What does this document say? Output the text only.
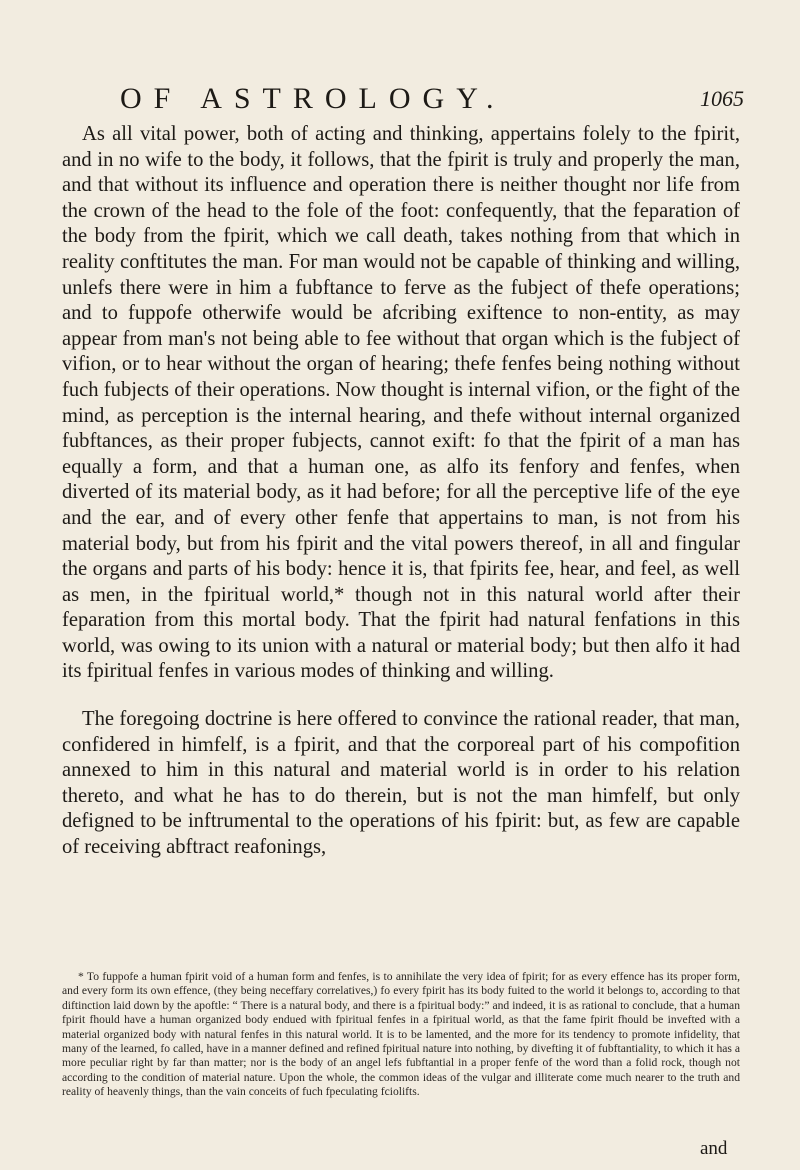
OF ASTROLOGY.	1065

As all vital power, both of acting and thinking, appertains folely to the fpirit, and in no wife to the body, it follows, that the fpirit is truly and properly the man, and that without its influence and operation there is neither thought nor life from the crown of the head to the fole of the foot: confequently, that the feparation of the body from the fpirit, which we call death, takes nothing from that which in reality conftitutes the man. For man would not be capable of thinking and willing, unlefs there were in him a fubftance to ferve as the fubject of thefe operations; and to fuppofe otherwife would be afcribing exiftence to non-entity, as may appear from man's not being able to fee without that organ which is the fubject of vifion, or to hear without the organ of hearing; thefe fenfes being nothing without fuch fubjects of their operations. Now thought is internal vifion, or the fight of the mind, as perception is the internal hearing, and thefe without internal organized fubftances, as their proper fubjects, cannot exift: fo that the fpirit of a man has equally a form, and that a human one, as alfo its fenfory and fenfes, when diverted of its material body, as it had before; for all the perceptive life of the eye and the ear, and of every other fenfe that appertains to man, is not from his material body, but from his fpirit and the vital powers thereof, in all and fingular the organs and parts of his body: hence it is, that fpirits fee, hear, and feel, as well as men, in the fpiritual world,* though not in this natural world after their feparation from this mortal body. That the fpirit had natural fenfations in this world, was owing to its union with a natural or material body; but then alfo it had its fpiritual fenfes in various modes of thinking and willing.

The foregoing doctrine is here offered to convince the rational reader, that man, confidered in himfelf, is a fpirit, and that the corporeal part of his compofition annexed to him in this natural and material world is in order to his relation thereto, and what he has to do therein, but is not the man himfelf, but only defigned to be inftrumental to the operations of his fpirit: but, as few are capable of receiving abftract reafonings,

* To fuppofe a human fpirit void of a human form and fenfes, is to annihilate the very idea of fpirit; for as every effence has its proper form, and every form its own effence, (they being neceffary correlatives,) fo every fpirit has its body fuited to the world it belongs to, according to that diftinction laid down by the apoftle: “ There is a natural body, and there is a fpiritual body:” and indeed, it is as rational to conclude, that a human fpirit fhould have a human organized body endued with fpiritual fenfes in a fpiritual world, as that the fame fpirit fhould be invefted with a material organized body with natural fenfes in this natural world. It is to be lamented, and the more for its tendency to promote infidelity, that many of the learned, fo called, have in a manner defined and refined fpiritual nature into nothing, by divefting it of fubftantiality, to which it has a more peculiar right by far than matter; nor is the body of an angel lefs fubftantial in a proper fenfe of the word than a folid rock, though not according to the condition of material nature. Upon the whole, the common ideas of the vulgar and illiterate come much nearer to the truth and reality of heavenly things, than the vain conceits of fuch fpeculating fciolifts.

and
